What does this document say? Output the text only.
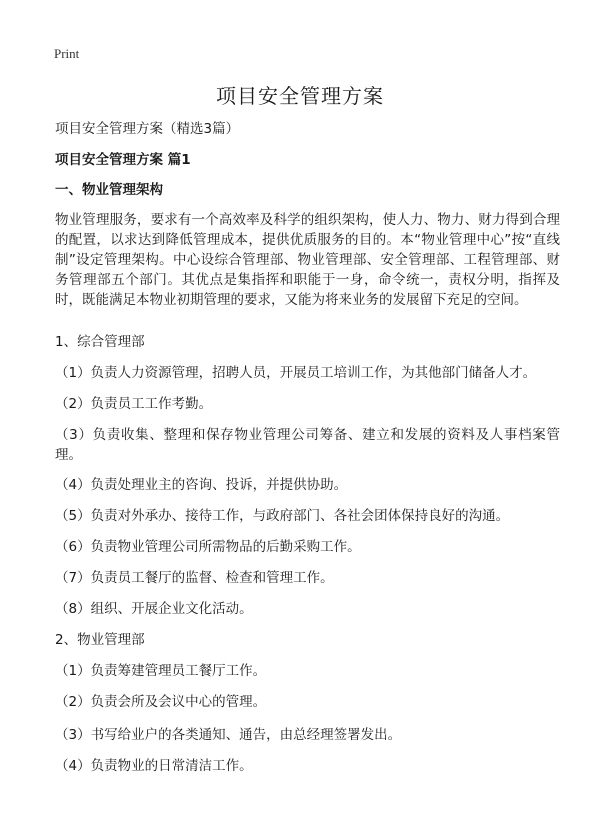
Print
项目安全管理方案
项目安全管理方案（精选3篇）
项目安全管理方案 篇1
一、物业管理架构
物业管理服务，要求有一个高效率及科学的组织架构，使人力、物力、财力得到合理的配置，以求达到降低管理成本，提供优质服务的目的。本“物业管理中心”按“直线制”设定管理架构。中心设综合管理部、物业管理部、安全管理部、工程管理部、财务管理部五个部门。其优点是集指挥和职能于一身，命令统一，责权分明，指挥及时，既能满足本物业初期管理的要求，又能为将来业务的发展留下充足的空间。
1、综合管理部
（1）负责人力资源管理，招聘人员，开展员工培训工作，为其他部门储备人才。
（2）负责员工工作考勤。
（3）负责收集、整理和保存物业管理公司筹备、建立和发展的资料及人事档案管理。
（4）负责处理业主的咨询、投诉，并提供协助。
（5）负责对外承办、接待工作，与政府部门、各社会团体保持良好的沟通。
（6）负责物业管理公司所需物品的后勤采购工作。
（7）负责员工餐厅的监督、检查和管理工作。
（8）组织、开展企业文化活动。
2、物业管理部
（1）负责筹建管理员工餐厅工作。
（2）负责会所及会议中心的管理。
（3）书写给业户的各类通知、通告，由总经理签署发出。
（4）负责物业的日常清洁工作。
